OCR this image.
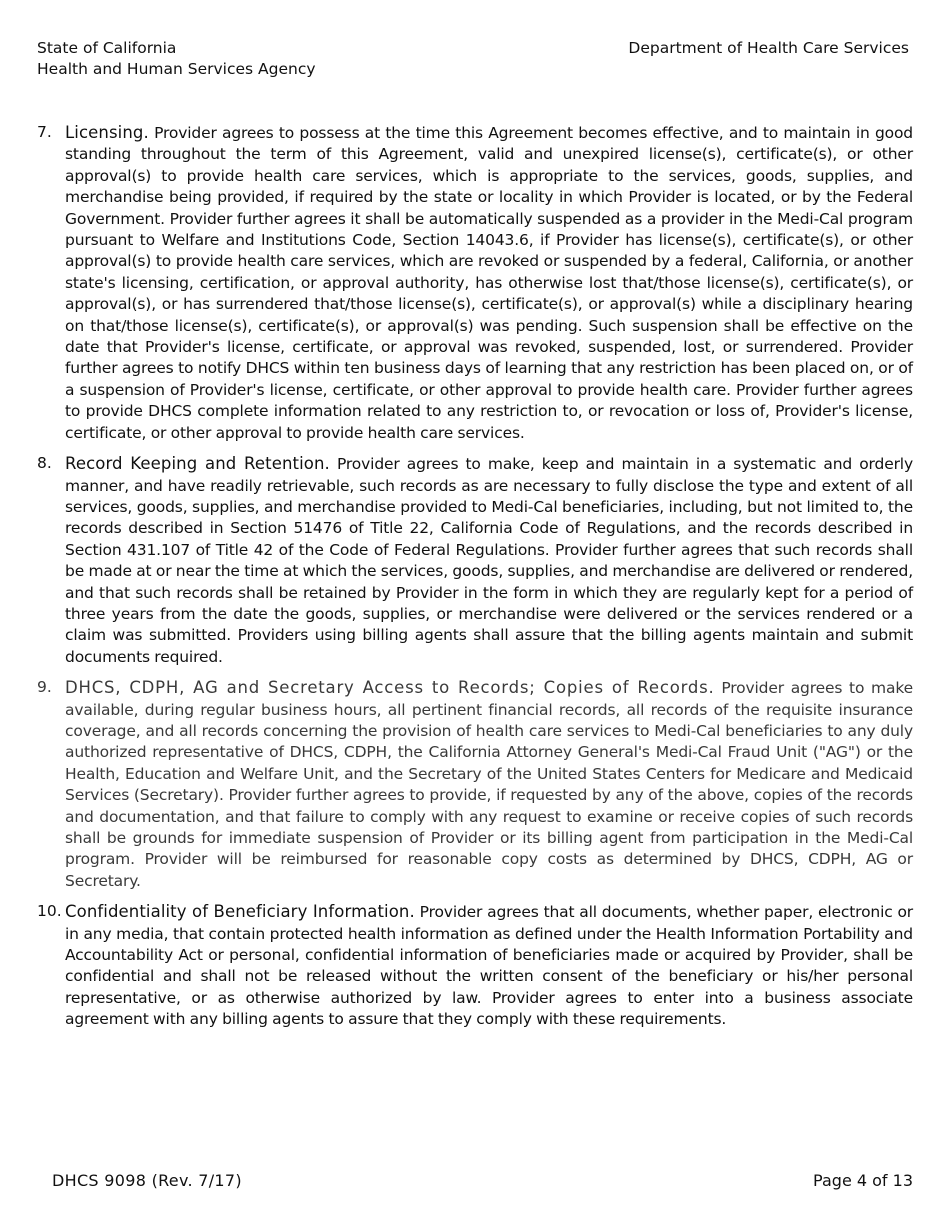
State of California
Health and Human Services Agency
Department of Health Care Services
7. Licensing. Provider agrees to possess at the time this Agreement becomes effective, and to maintain in good standing throughout the term of this Agreement, valid and unexpired license(s), certificate(s), or other approval(s) to provide health care services, which is appropriate to the services, goods, supplies, and merchandise being provided, if required by the state or locality in which Provider is located, or by the Federal Government. Provider further agrees it shall be automatically suspended as a provider in the Medi-Cal program pursuant to Welfare and Institutions Code, Section 14043.6, if Provider has license(s), certificate(s), or other approval(s) to provide health care services, which are revoked or suspended by a federal, California, or another state's licensing, certification, or approval authority, has otherwise lost that/those license(s), certificate(s), or approval(s), or has surrendered that/those license(s), certificate(s), or approval(s) while a disciplinary hearing on that/those license(s), certificate(s), or approval(s) was pending. Such suspension shall be effective on the date that Provider's license, certificate, or approval was revoked, suspended, lost, or surrendered. Provider further agrees to notify DHCS within ten business days of learning that any restriction has been placed on, or of a suspension of Provider's license, certificate, or other approval to provide health care. Provider further agrees to provide DHCS complete information related to any restriction to, or revocation or loss of, Provider's license, certificate, or other approval to provide health care services.
8. Record Keeping and Retention. Provider agrees to make, keep and maintain in a systematic and orderly manner, and have readily retrievable, such records as are necessary to fully disclose the type and extent of all services, goods, supplies, and merchandise provided to Medi-Cal beneficiaries, including, but not limited to, the records described in Section 51476 of Title 22, California Code of Regulations, and the records described in Section 431.107 of Title 42 of the Code of Federal Regulations. Provider further agrees that such records shall be made at or near the time at which the services, goods, supplies, and merchandise are delivered or rendered, and that such records shall be retained by Provider in the form in which they are regularly kept for a period of three years from the date the goods, supplies, or merchandise were delivered or the services rendered or a claim was submitted. Providers using billing agents shall assure that the billing agents maintain and submit documents required.
9. DHCS, CDPH, AG and Secretary Access to Records; Copies of Records. Provider agrees to make available, during regular business hours, all pertinent financial records, all records of the requisite insurance coverage, and all records concerning the provision of health care services to Medi-Cal beneficiaries to any duly authorized representative of DHCS, CDPH, the California Attorney General's Medi-Cal Fraud Unit ("AG") or the Health, Education and Welfare Unit, and the Secretary of the United States Centers for Medicare and Medicaid Services (Secretary). Provider further agrees to provide, if requested by any of the above, copies of the records and documentation, and that failure to comply with any request to examine or receive copies of such records shall be grounds for immediate suspension of Provider or its billing agent from participation in the Medi-Cal program. Provider will be reimbursed for reasonable copy costs as determined by DHCS, CDPH, AG or Secretary.
10. Confidentiality of Beneficiary Information. Provider agrees that all documents, whether paper, electronic or in any media, that contain protected health information as defined under the Health Information Portability and Accountability Act or personal, confidential information of beneficiaries made or acquired by Provider, shall be confidential and shall not be released without the written consent of the beneficiary or his/her personal representative, or as otherwise authorized by law. Provider agrees to enter into a business associate agreement with any billing agents to assure that they comply with these requirements.
DHCS 9098 (Rev. 7/17)	Page 4 of 13
